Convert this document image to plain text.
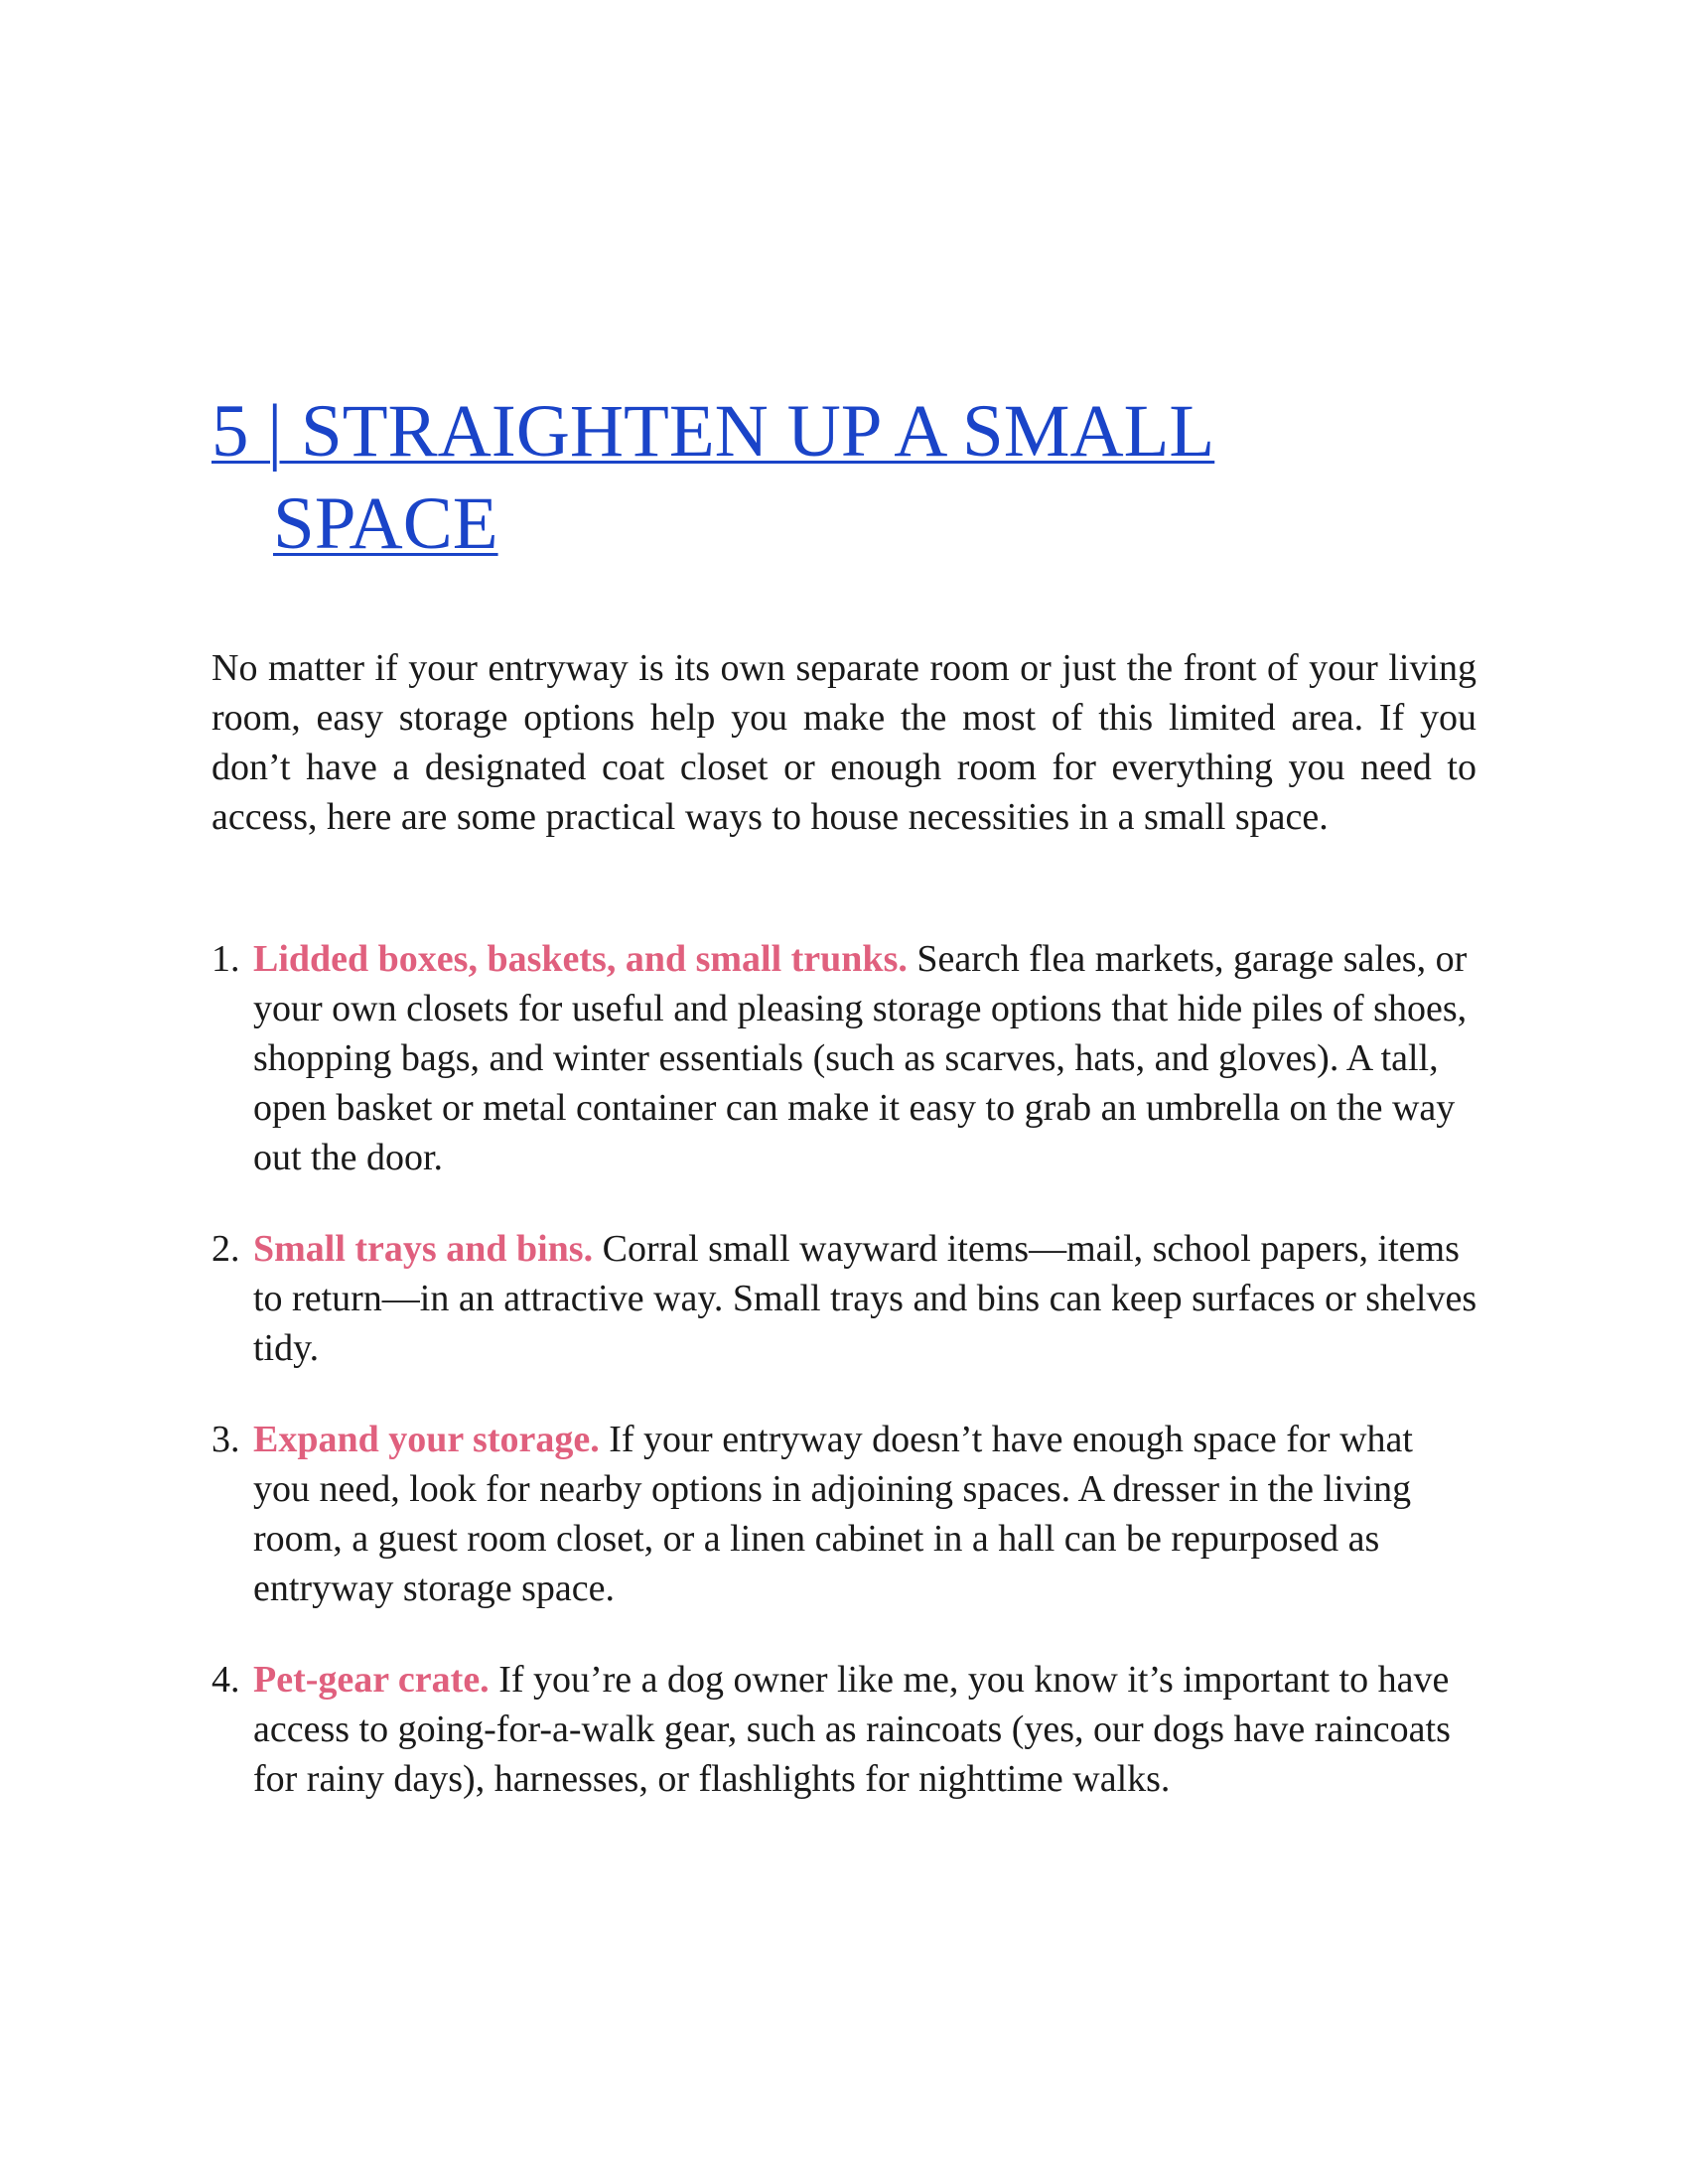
5 | STRAIGHTEN UP A SMALL
SPACE

No matter if your entryway is its own separate room or just the front of your living room, easy storage options help you make the most of this limited area. If you don’t have a designated coat closet or enough room for everything you need to access, here are some practical ways to house necessities in a small space.

1. Lidded boxes, baskets, and small trunks. Search flea markets, garage sales, or your own closets for useful and pleasing storage options that hide piles of shoes, shopping bags, and winter essentials (such as scarves, hats, and gloves). A tall, open basket or metal container can make it easy to grab an umbrella on the way out the door.
2. Small trays and bins. Corral small wayward items—mail, school papers, items to return—in an attractive way. Small trays and bins can keep surfaces or shelves tidy.
3. Expand your storage. If your entryway doesn’t have enough space for what you need, look for nearby options in adjoining spaces. A dresser in the living room, a guest room closet, or a linen cabinet in a hall can be repurposed as entryway storage space.
4. Pet-gear crate. If you’re a dog owner like me, you know it’s important to have access to going-for-a-walk gear, such as raincoats (yes, our dogs have raincoats for rainy days), harnesses, or flashlights for nighttime walks.
